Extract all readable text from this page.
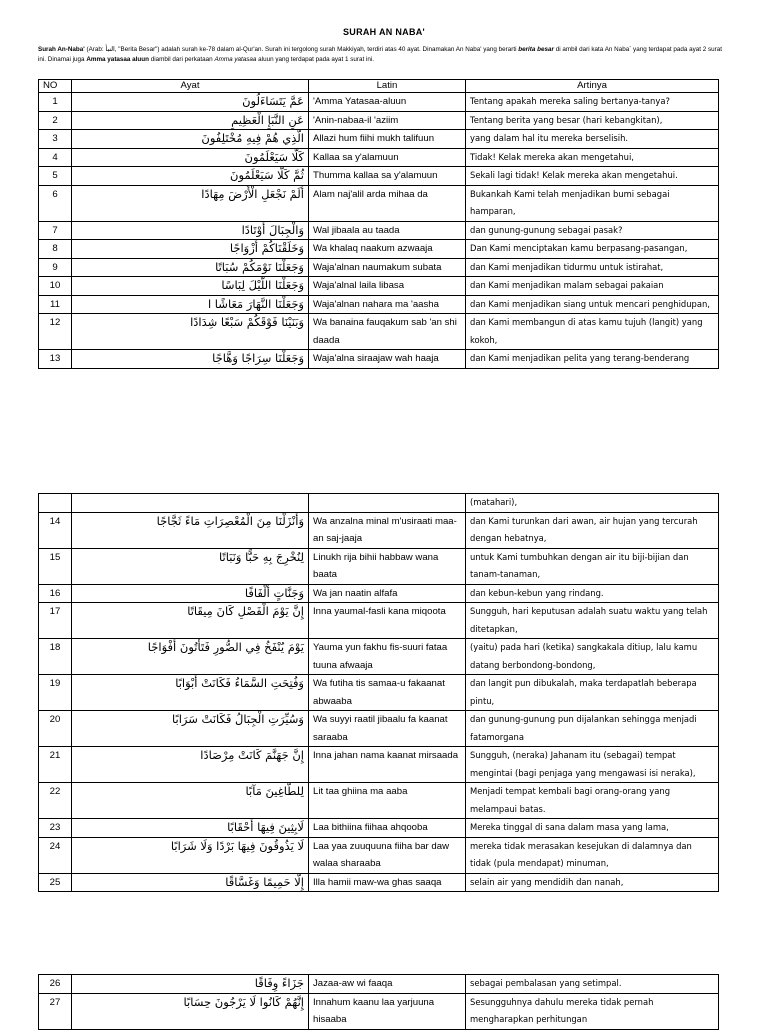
SURAH AN NABA'
Surah An-Naba' (Arab: النبأ, "Berita Besar") adalah surah ke-78 dalam al-Qur'an. Surah ini tergolong surah Makkiyah, terdiri atas 40 ayat. Dinamakan An Naba' yang berarti berita besar di ambil dari kata An Naba` yang terdapat pada ayat 2 surat ini. Dinamai juga Amma yatasaa aluun diambil dari perkataan Amma yatasaa aluun yang terdapat pada ayat 1 surat ini.
NO	Ayat	Latin	Artinya
1	عَمَّ يَتَسَاءَلُونَ	'Amma Yatasaa-aluun	Tentang apakah mereka saling bertanya-tanya?
2	عَنِ النَّبَإِ الْعَظِيمِ	'Anin-nabaa-il 'aziim	Tentang berita yang besar (hari kebangkitan),
3	الَّذِي هُمْ فِيهِ مُخْتَلِفُونَ	Allazi hum fiihi mukh talifuun	yang dalam hal itu mereka berselisih.
4	كَلَّا سَيَعْلَمُونَ	Kallaa sa y'alamuun	Tidak! Kelak mereka akan mengetahui,
5	ثُمَّ كَلَّا سَيَعْلَمُونَ	Thumma kallaa sa y'alamuun	Sekali lagi tidak! Kelak mereka akan mengetahui.
6	أَلَمْ نَجْعَلِ الْأَرْضَ مِهَادًا	Alam naj'alil arda mihaa da	Bukankah Kami telah menjadikan bumi sebagai hamparan,
7	وَالْجِبَالَ أَوْتَادًا	Wal jibaala au taada	dan gunung-gunung sebagai pasak?
8	وَخَلَقْنَاكُمْ أَزْوَاجًا	Wa khalaq naakum azwaaja	Dan Kami menciptakan kamu berpasang-pasangan,
9	وَجَعَلْنَا نَوْمَكُمْ سُبَاتًا	Waja'alnan naumakum subata	dan Kami menjadikan tidurmu untuk istirahat,
10	وَجَعَلْنَا اللَّيْلَ لِبَاسًا	Waja'alnal laila libasa	dan Kami menjadikan malam sebagai pakaian
11	وَجَعَلْنَا النَّهَارَ مَعَاشًا ا	Waja'alnan nahara ma 'aasha	dan Kami menjadikan siang untuk mencari penghidupan,
12	وَبَنَيْنَا فَوْقَكُمْ سَبْعًا شِدَادًا	Wa banaina fauqakum sab 'an shi daada	dan Kami membangun di atas kamu tujuh (langit) yang kokoh,
13	وَجَعَلْنَا سِرَاجًا وَهَّاجًا	Waja'alna siraajaw wah haaja	dan Kami menjadikan pelita yang terang-benderang
			(matahari),
14	وَأَنْزَلْنَا مِنَ الْمُعْصِرَاتِ مَاءً ثَجَّاجًا	Wa anzalna minal m'usiraati maa-an saj-jaaja	dan Kami turunkan dari awan, air hujan yang tercurah dengan hebatnya,
15	لِنُخْرِجَ بِهِ حَبًّا وَنَبَاتًا	Linukh rija bihii habbaw wana baata	untuk Kami tumbuhkan dengan air itu biji-bijian dan tanam-tanaman,
16	وَجَنَّاتٍ أَلْفَافًا	Wa jan naatin alfafa	dan kebun-kebun yang rindang.
17	إِنَّ يَوْمَ الْفَصْلِ كَانَ مِيقَاتًا	Inna yaumal-fasli kana miqoota	Sungguh, hari keputusan adalah suatu waktu yang telah ditetapkan,
18	يَوْمَ يُنْفَخُ فِي الصُّورِ فَتَأْتُونَ أَفْوَاجًا	Yauma yun fakhu fis-suuri fataa tuuna afwaaja	(yaitu) pada hari (ketika) sangkakala ditiup, lalu kamu datang berbondong-bondong,
19	وَفُتِحَتِ السَّمَاءُ فَكَانَتْ أَبْوَابًا	Wa futiha tis samaa-u fakaanat abwaaba	dan langit pun dibukalah, maka terdapatlah beberapa pintu,
20	وَسُيِّرَتِ الْجِبَالُ فَكَانَتْ سَرَابًا	Wa suyyi raatil jibaalu fa kaanat saraaba	dan gunung-gunung pun dijalankan sehingga menjadi fatamorgana
21	إِنَّ جَهَنَّمَ كَانَتْ مِرْصَادًا	Inna jahan nama kaanat mirsaada	Sungguh, (neraka) Jahanam itu (sebagai) tempat mengintai (bagi penjaga yang mengawasi isi neraka),
22	لِلطَّاغِينَ مَآبًا	Lit taa ghiina ma aaba	Menjadi tempat kembali bagi orang-orang yang melampaui batas.
23	لَابِثِينَ فِيهَا أَحْقَابًا	Laa bithiina fiihaa ahqooba	Mereka tinggal di sana dalam masa yang lama,
24	لَا يَذُوقُونَ فِيهَا بَرْدًا وَلَا شَرَابًا	Laa yaa zuuquuna fiiha bar daw walaa sharaaba	mereka tidak merasakan kesejukan di dalamnya dan tidak (pula mendapat) minuman,
25	إِلَّا حَمِيمًا وَغَسَّاقًا	Illa hamii maw-wa ghas saaqa	selain air yang mendidih dan nanah,
26	جَزَاءً وِفَاقًا	Jazaa-aw wi faaqa	sebagai pembalasan yang setimpal.
27	إِنَّهُمْ كَانُوا لَا يَرْجُونَ حِسَابًا	Innahum kaanu laa yarjuuna hisaaba	Sesungguhnya dahulu mereka tidak pernah mengharapkan perhitungan
